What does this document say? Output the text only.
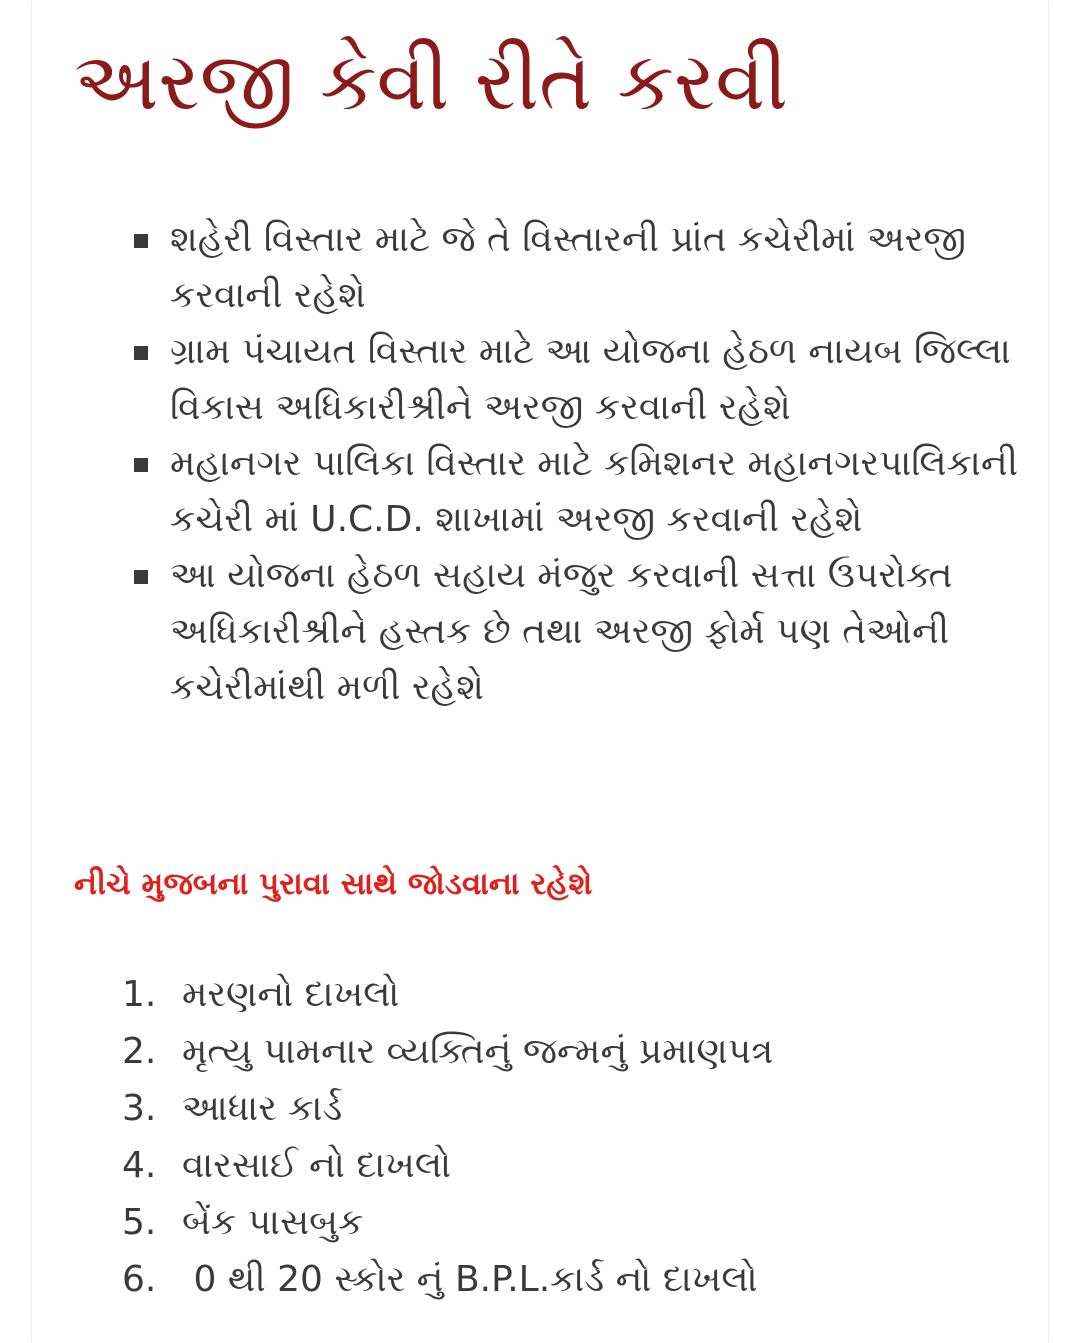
અરજી કેવી રીતે કરવી
શહેરી વિસ્તાર માટે જે તે વિસ્તારની પ્રાંત કચેરીમાં અરજી કરવાની રહેશે
ગ્રામ પંચાયત વિસ્તાર માટે આ યોજના હેઠળ નાયબ જિલ્લા વિકાસ અધિકારીશ્રીને અરજી કરવાની રહેશે
મહાનગર પાલિકા વિસ્તાર માટે કમિશનર મહાનગરપાલિકાની કચેરી માં U.C.D. શાખામાં અરજી કરવાની રહેશે
આ યોજના હેઠળ સહાય મંજુર કરવાની સત્તા ઉપરોક્ત અધિકારીશ્રીને હસ્તક છે તથા અરજી ફોર્મ પણ તેઓની કચેરીમાંથી મળી રહેશે
નીચે મુજબના પુરાવા સાથે જોડવાના રહેશે
1. મરણનો દાખલો
2. મૃત્યુ પામનાર વ્યક્તિનું જન્મનું પ્રમાણપત્ર
3. આધાર કાર્ડ
4. વારસાઈ નો દાખલો
5. બેંક પાસબુક
6. 0 થી 20 સ્કોર નું B.P.L.કાર્ડ નો દાખલો
